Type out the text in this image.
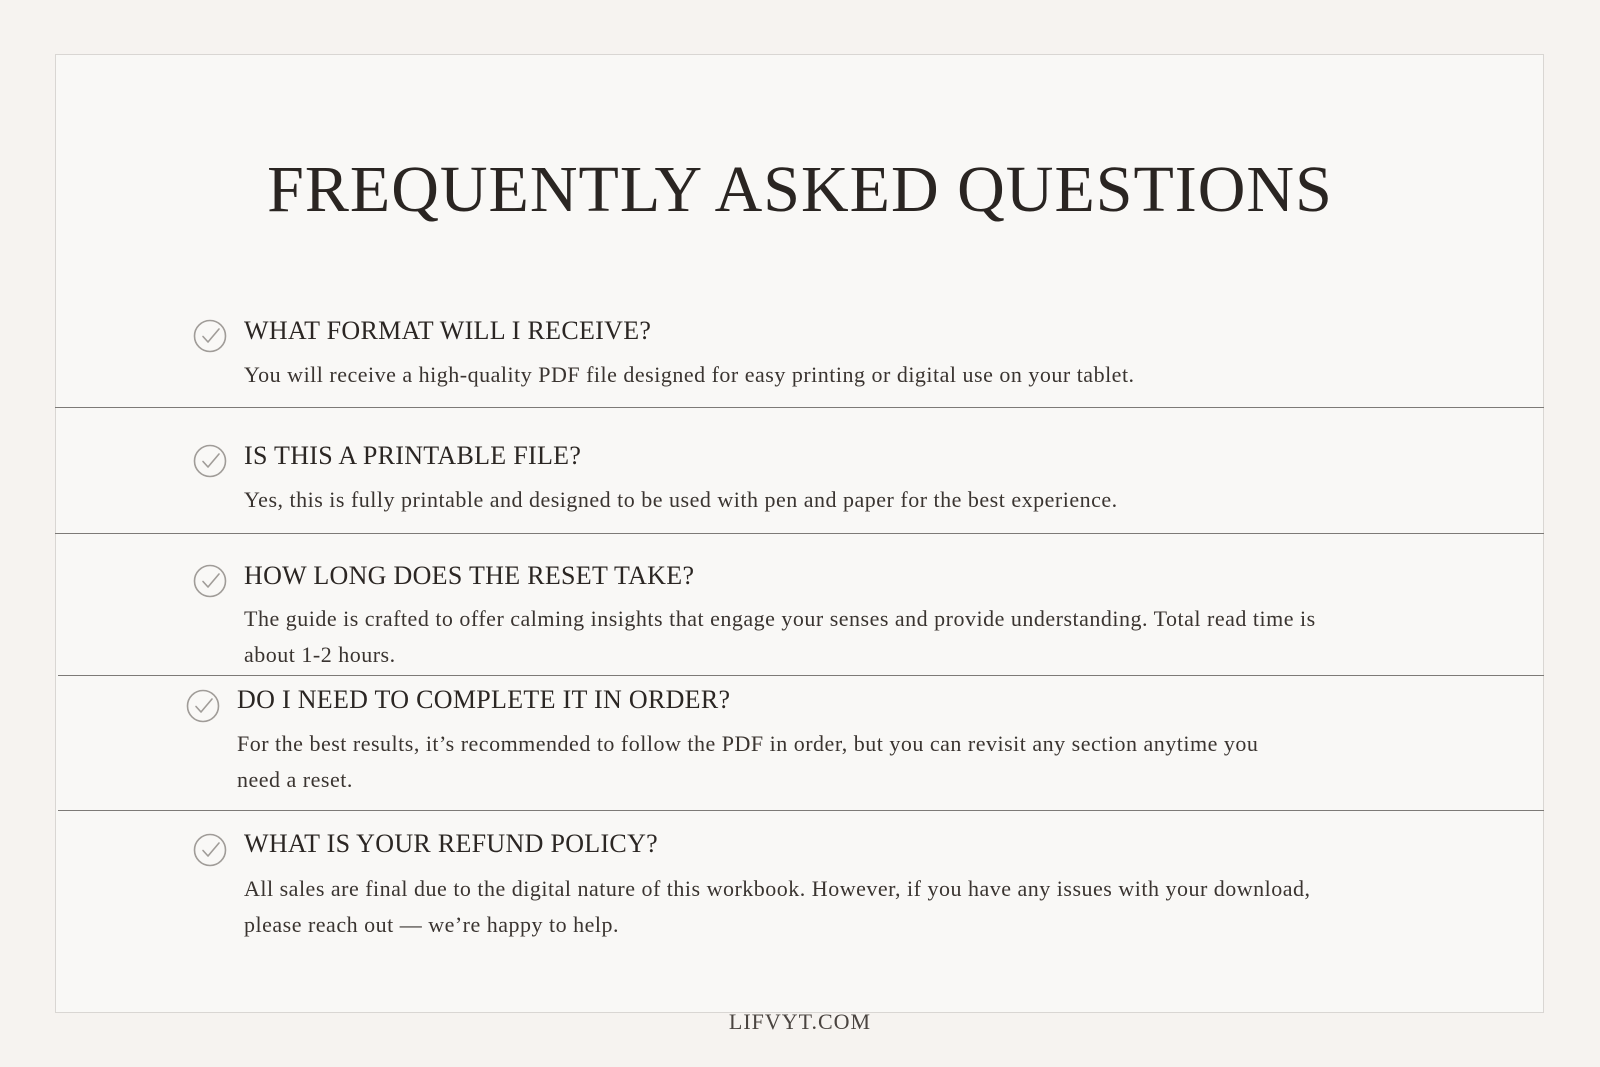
FREQUENTLY ASKED QUESTIONS
WHAT FORMAT WILL I RECEIVE?

You will receive a high-quality PDF file designed for easy printing or digital use on your tablet.

IS THIS A PRINTABLE FILE?

Yes, this is fully printable and designed to be used with pen and paper for the best experience.

HOW LONG DOES THE RESET TAKE?

The guide is crafted to offer calming insights that engage your senses and provide understanding. Total read time is about 1-2 hours.

DO I NEED TO COMPLETE IT IN ORDER?

For the best results, it’s recommended to follow the PDF in order, but you can revisit any section anytime you need a reset.

WHAT IS YOUR REFUND POLICY?

All sales are final due to the digital nature of this workbook. However, if you have any issues with your download, please reach out — we’re happy to help.

LIFVYT.COM
